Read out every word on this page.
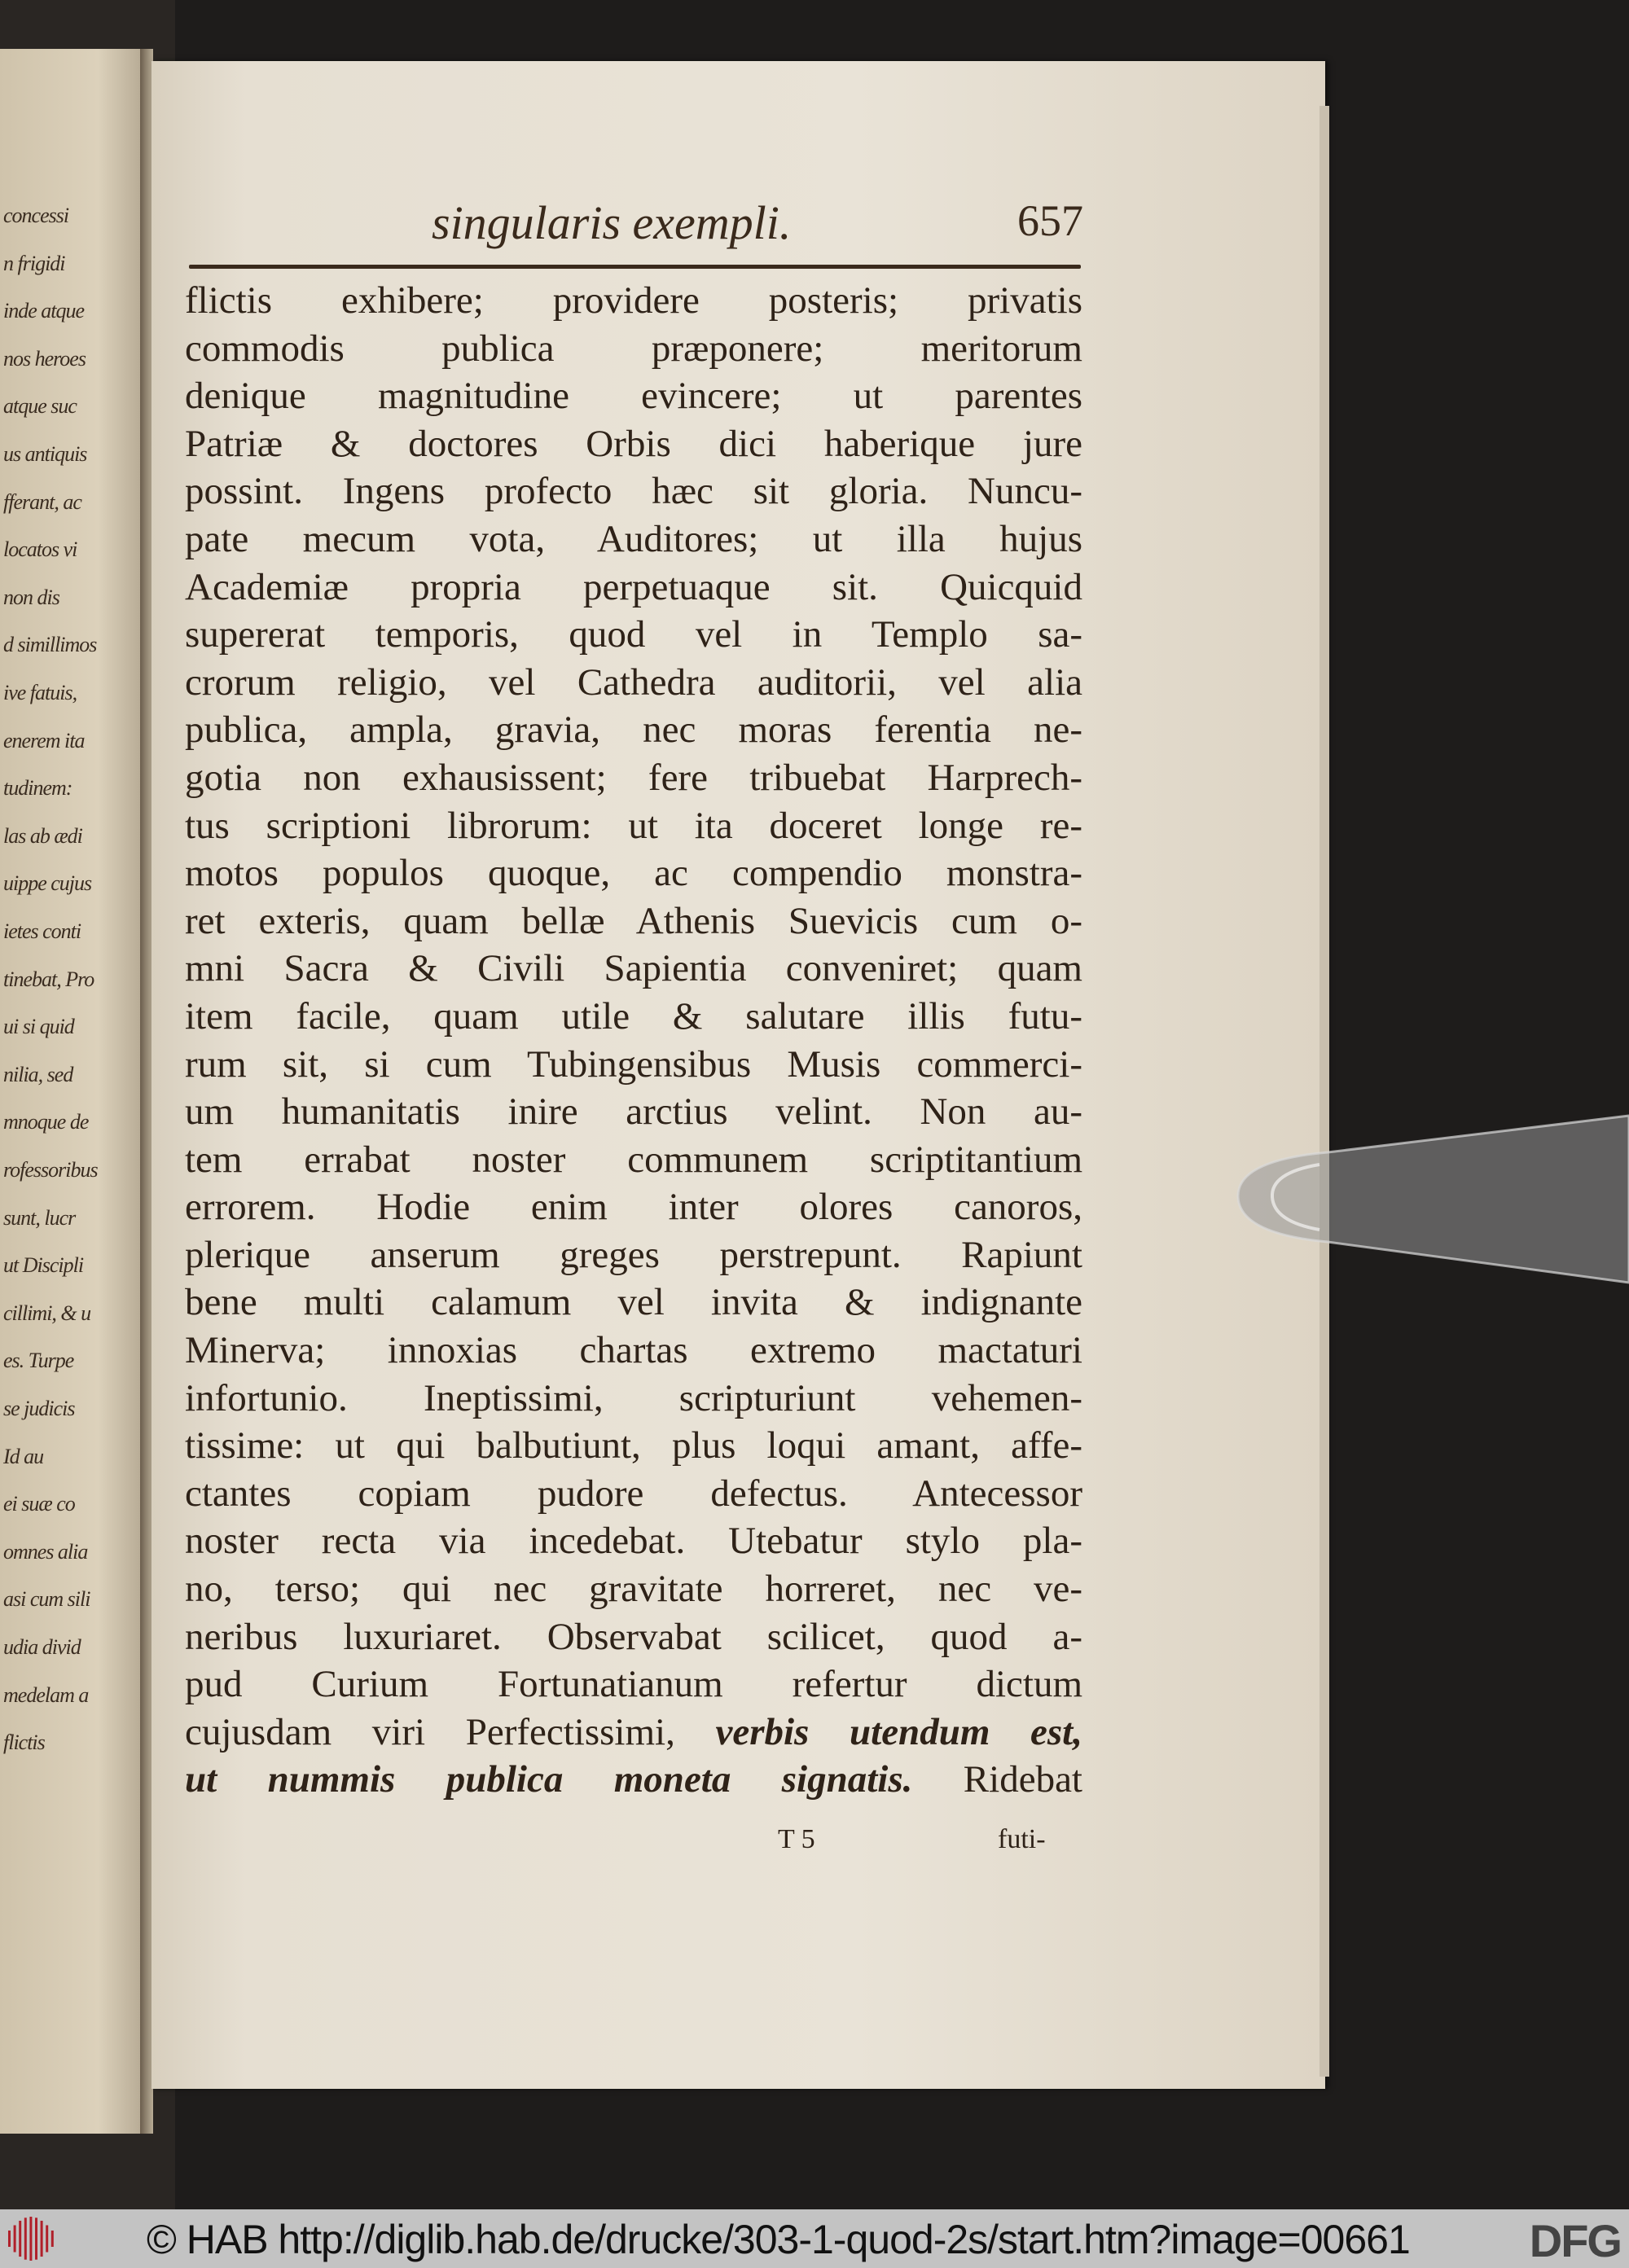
concessi
n frigidi
inde atque
nos heroes
atque suc
us antiquis
fferant, ac
locatos vi
non dis
d simillimos
ive fatuis,
enerem ita
tudinem:
las ab ædi
uippe cujus
ietes conti
tinebat, Pro
ui si quid
nilia, sed
mnoque de
rofessoribus
sunt, lucr
ut Discipli
cillimi, & u
es. Turpe
se judicis
Id au
ei suæ co
omnes alia
asi cum sili
udia divid
medelam a
flictis
singularis exempli.	657
flictis exhibere; providere posteris; privatis
commodis publica præponere; meritorum
denique magnitudine evincere; ut parentes
Patriæ & doctores Orbis dici haberique jure
possint. Ingens profecto hæc sit gloria. Nuncu-
pate mecum vota, Auditores; ut illa hujus
Academiæ propria perpetuaque sit. Quicquid
supererat temporis, quod vel in Templo sa-
crorum religio, vel Cathedra auditorii, vel alia
publica, ampla, gravia, nec moras ferentia ne-
gotia non exhausissent; fere tribuebat Harprech-
tus scriptioni librorum: ut ita doceret longe re-
motos populos quoque, ac compendio monstra-
ret exteris, quam bellæ Athenis Suevicis cum o-
mni Sacra & Civili Sapientia conveniret; quam
item facile, quam utile & salutare illis futu-
rum sit, si cum Tubingensibus Musis commerci-
um humanitatis inire arctius velint. Non au-
tem errabat noster communem scriptitantium
errorem. Hodie enim inter olores canoros,
plerique anserum greges perstrepunt. Rapiunt
bene multi calamum vel invita & indignante
Minerva; innoxias chartas extremo mactaturi
infortunio. Ineptissimi, scripturiunt vehemen-
tissime: ut qui balbutiunt, plus loqui amant, affe-
ctantes copiam pudore defectus. Antecessor
noster recta via incedebat. Utebatur stylo pla-
no, terso; qui nec gravitate horreret, nec ve-
neribus luxuriaret. Observabat scilicet, quod a-
pud Curium Fortunatianum refertur dictum
cujusdam viri Perfectissimi, verbis utendum est,
ut nummis publica moneta signatis. Ridebat
T 5	futi-
© HAB http://diglib.hab.de/drucke/303-1-quod-2s/start.htm?image=00661	DFG
